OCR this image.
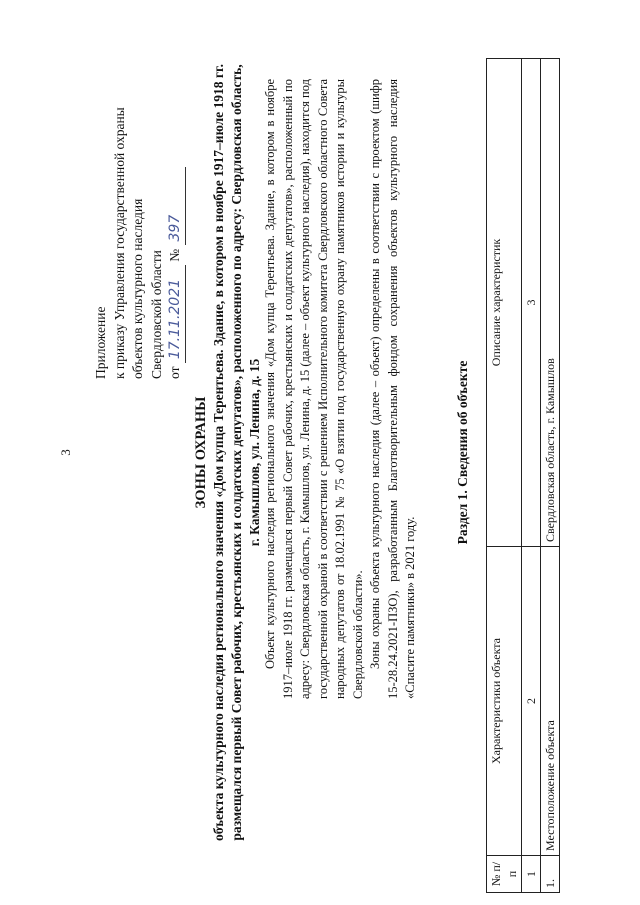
3
Приложение к приказу Управления государственной охраны объектов культурного наследия Свердловской области от 17.11.2021 № 397
ЗОНЫ ОХРАНЫ объекта культурного наследия регионального значения «Дом купца Терентьева. Здание, в котором в ноябре 1917–июле 1918 гг. размещался первый Совет рабочих, крестьянских и солдатских депутатов», расположенного по адресу: Свердловская область, г. Камышлов, ул. Ленина, д. 15 Объект культурного наследия регионального значения «Дом купца Терентьева. Здание, в котором в ноябре 1917–июле 1918 гг. размещался первый Совет рабочих, крестьянских и солдатских депутатов», расположенный по адресу: Свердловская область, г. Камышлов, ул. Ленина, д. 15 (далее – объект культурного наследия), находится под государственной охраной в соответствии с решением Исполнительного комитета Свердловского областного Совета народных депутатов от 18.02.1991 № 75 «О взятии под государственную охрану памятников истории и культуры Свердловской области». Зоны охраны объекта культурного наследия (далее – объект) определены в соответствии с проектом (шифр 15-28.24.2021-ПЗО), разработанным Благотворительным фондом сохранения объектов культурного наследия «Спасите памятники» в 2021 году.

Раздел 1. Сведения об объекте
№ п/п	Характеристики объекта	Описание характеристик
1	2	3
1.	Местоположение объекта	Свердловская область, г. Камышлов
